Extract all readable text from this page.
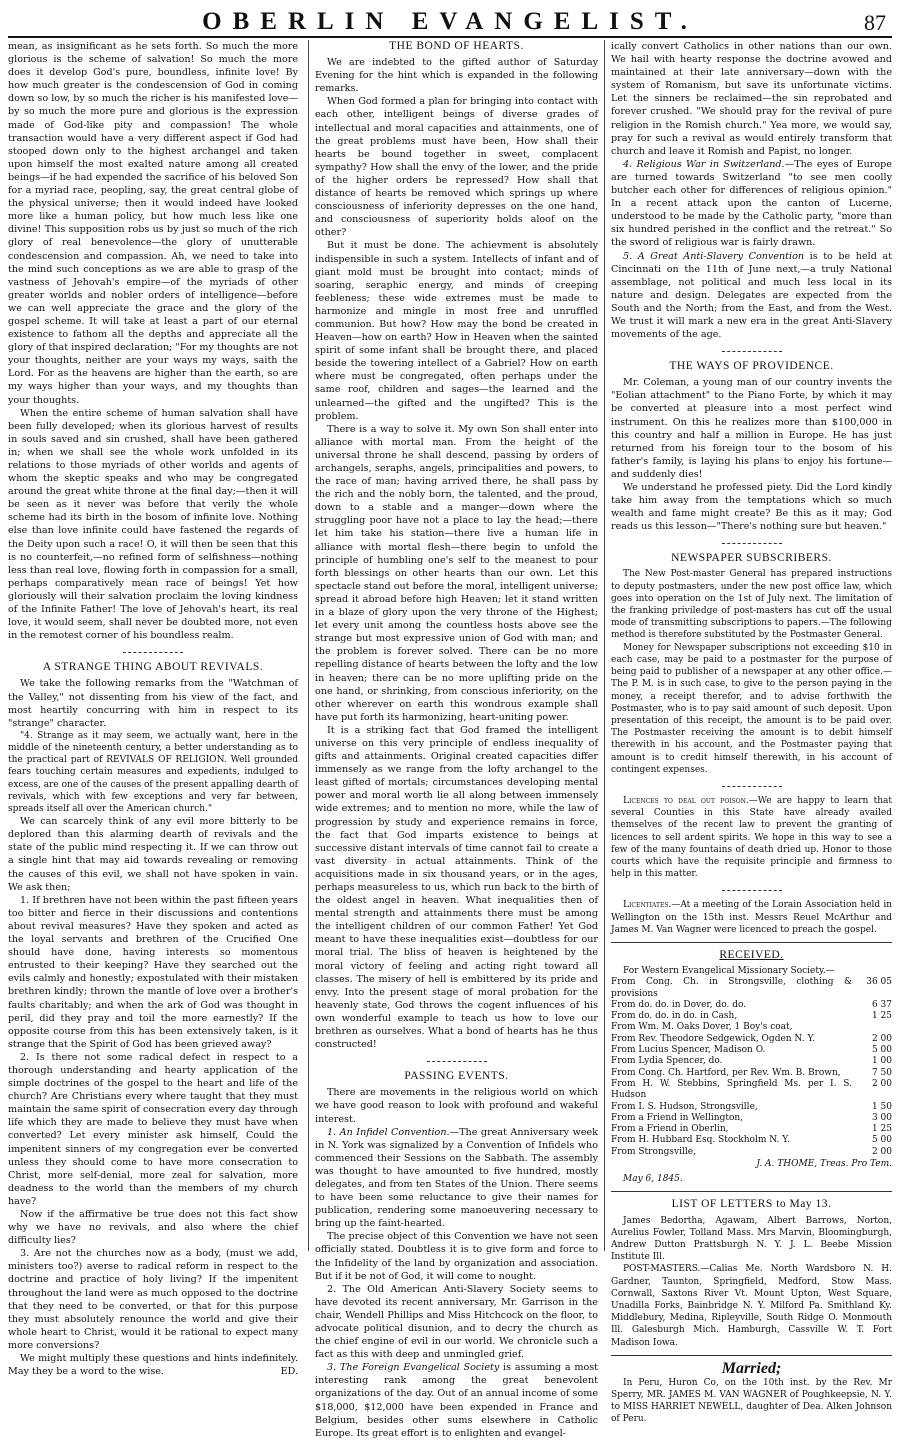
OBERLIN EVANGELIST.	87

mean, as insignificant as he sets forth. So much the more glorious is the scheme of salvation! So much the more does it develop God's pure, boundless, infinite love! By how much greater is the condescension of God in coming down so low, by so much the richer is his manifested love—by so much the more pure and glorious is the expression made of God-like pity and compassion! The whole transaction would have a very different aspect if God had stooped down only to the highest archangel and taken upon himself the most exalted nature among all created beings—if he had expended the sacrifice of his beloved Son for a myriad race, peopling, say, the great central globe of the physical universe; then it would indeed have looked more like a human policy, but how much less like one divine! This supposition robs us by just so much of the rich glory of real benevolence—the glory of unutterable condescension and compassion. Ah, we need to take into the mind such conceptions as we are able to grasp of the vastness of Jehovah's empire—of the myriads of other greater worlds and nobler orders of intelligence—before we can well appreciate the grace and the glory of the gospel scheme. It will take at least a part of our eternal existence to fathom all the depths and appreciate all the glory of that inspired declaration; "For my thoughts are not your thoughts, neither are your ways my ways, saith the Lord. For as the heavens are higher than the earth, so are my ways higher than your ways, and my thoughts than your thoughts.

When the entire scheme of human salvation shall have been fully developed; when its glorious harvest of results in souls saved and sin crushed, shall have been gathered in; when we shall see the whole work unfolded in its relations to those myriads of other worlds and agents of whom the skeptic speaks and who may be congregated around the great white throne at the final day;—then it will be seen as it never was before that verily the whole scheme had its birth in the bosom of infinite love. Nothing else than love infinite could have fastened the regards of the Deity upon such a race! O, it will then be seen that this is no counterfeit,—no refined form of selfishness—nothing less than real love, flowing forth in compassion for a small, perhaps comparatively mean race of beings! Yet how gloriously will their salvation proclaim the loving kindness of the Infinite Father! The love of Jehovah's heart, its real love, it would seem, shall never be doubted more, not even in the remotest corner of his boundless realm.

A STRANGE THING ABOUT REVIVALS.

We take the following remarks from the "Watchman of the Valley," not dissenting from his view of the fact, and most heartily concurring with him in respect to its "strange" character.

"4. Strange as it may seem, we actually want, here in the middle of the nineteenth century, a better understanding as to the practical part of REVIVALS OF RELIGION. Well grounded fears touching certain measures and expedients, indulged to excess, are one of the causes of the present appalling dearth of revivals, which with few exceptions and very far between, spreads itself all over the American church."

We can scarcely think of any evil more bitterly to be deplored than this alarming dearth of revivals and the state of the public mind respecting it. If we can throw out a single hint that may aid towards revealing or removing the causes of this evil, we shall not have spoken in vain. We ask then;

1. If brethren have not been within the past fifteen years too bitter and fierce in their discussions and contentions about revival measures? Have they spoken and acted as the loyal servants and brethren of the Crucified One should have done, having interests so momentous entrusted to their keeping? Have they searched out the evils calmly and honestly; expostulated with their mistaken brethren kindly; thrown the mantle of love over a brother's faults charitably; and when the ark of God was thought in peril, did they pray and toil the more earnestly? If the opposite course from this has been extensively taken, is it strange that the Spirit of God has been grieved away?

2. Is there not some radical defect in respect to a thorough understanding and hearty application of the simple doctrines of the gospel to the heart and life of the church? Are Christians every where taught that they must maintain the same spirit of consecration every day through life which they are made to believe they must have when converted? Let every minister ask himself, Could the impenitent sinners of my congregation ever be converted unless they should come to have more consecration to Christ, more self-denial, more zeal for salvation, more deadness to the world than the members of my church have?

Now if the affirmative be true does not this fact show why we have no revivals, and also where the chief difficulty lies?

3. Are not the churches now as a body, (must we add, ministers too?) averse to radical reform in respect to the doctrine and practice of holy living? If the impenitent throughout the land were as much opposed to the doctrine that they need to be converted, or that for this purpose they must absolutely renounce the world and give their whole heart to Christ, would it be rational to expect many more conversions?

We might multiply these questions and hints indefinitely. May they be a word to the wise.	ED.

THE BOND OF HEARTS.

We are indebted to the gifted author of Saturday Evening for the hint which is expanded in the following remarks.

When God formed a plan for bringing into contact with each other, intelligent beings of diverse grades of intellectual and moral capacities and attainments, one of the great problems must have been, How shall their hearts be bound together in sweet, complacent sympathy? How shall the envy of the lower, and the pride of the higher orders be repressed? How shall that distance of hearts be removed which springs up where consciousness of inferiority depresses on the one hand, and consciousness of superiority holds aloof on the other?

But it must be done. The achievment is absolutely indispensible in such a system. Intellects of infant and of giant mold must be brought into contact; minds of soaring, seraphic energy, and minds of creeping feebleness; these wide extremes must be made to harmonize and mingle in most free and unruffled communion. But how? How may the bond be created in Heaven—how on earth? How in Heaven when the sainted spirit of some infant shall be brought there, and placed beside the towering intellect of a Gabriel? How on earth where must be congregated, often perhaps under the same roof, children and sages—the learned and the unlearned—the gifted and the ungifted? This is the problem.

There is a way to solve it. My own Son shall enter into alliance with mortal man. From the height of the universal throne he shall descend, passing by orders of archangels, seraphs, angels, principalities and powers, to the race of man; having arrived there, he shall pass by the rich and the nobly born, the talented, and the proud, down to a stable and a manger—down where the struggling poor have not a place to lay the head;—there let him take his station—there live a human life in alliance with mortal flesh—there begin to unfold the principle of humbling one's self to the meanest to pour forth blessings on other hearts than our own. Let this spectacle stand out before the moral, intelligent universe; spread it abroad before high Heaven; let it stand written in a blaze of glory upon the very throne of the Highest; let every unit among the countless hosts above see the strange but most expressive union of God with man; and the problem is forever solved. There can be no more repelling distance of hearts between the lofty and the low in heaven; there can be no more uplifting pride on the one hand, or shrinking, from conscious inferiority, on the other wherever on earth this wondrous example shall have put forth its harmonizing, heart-uniting power.

It is a striking fact that God framed the intelligent universe on this very principle of endless inequality of gifts and attainments. Original created capacities differ immensely as we range from the lofty archangel to the least gifted of mortals; circumstances developing mental power and moral worth lie all along between immensely wide extremes; and to mention no more, while the law of progression by study and experience remains in force, the fact that God imparts existence to beings at successive distant intervals of time cannot fail to create a vast diversity in actual attainments. Think of the acquisitions made in six thousand years, or in the ages, perhaps measureless to us, which run back to the birth of the oldest angel in heaven. What inequalities then of mental strength and attainments there must be among the intelligent children of our common Father! Yet God meant to have these inequalities exist—doubtless for our moral trial. The bliss of heaven is heightened by the moral victory of feeling and acting right toward all classes. The misery of hell is embittered by its pride and envy. Into the present stage of moral probation for the heavenly state, God throws the cogent influences of his own wonderful example to teach us how to love our brethren as ourselves. What a bond of hearts has he thus constructed!

PASSING EVENTS.

There are movements in the religious world on which we have good reason to look with profound and wakeful interest.

1. An Infidel Convention.—The great Anniversary week in N. York was signalized by a Convention of Infidels who commenced their Sessions on the Sabbath. The assembly was thought to have amounted to five hundred, mostly delegates, and from ten States of the Union. There seems to have been some reluctance to give their names for publication, rendering some manoeuvering necessary to bring up the faint-hearted.

The precise object of this Convention we have not seen officially stated. Doubtless it is to give form and force to the Infidelity of the land by organization and association. But if it be not of God, it will come to nought.

2. The Old American Anti-Slavery Society seems to have devoted its recent anniversary, Mr. Garrison in the chair, Wendell Phillips and Miss Hitchcock on the floor, to advocate political disunion, and to decry the church as the chief engine of evil in our world. We chronicle such a fact as this with deep and unmingled grief.

3. The Foreign Evangelical Society is assuming a most interesting rank among the great benevolent organizations of the day. Out of an annual income of some $18,000, $12,000 have been expended in France and Belgium, besides other sums elsewhere in Catholic Europe. Its great effort is to enlighten and evangel-

ically convert Catholics in other nations than our own. We hail with hearty response the doctrine avowed and maintained at their late anniversary—down with the system of Romanism, but save its unfortunate victims. Let the sinners be reclaimed—the sin reprobated and forever crushed. "We should pray for the revival of pure religion in the Romish church." Yea more, we would say, pray for such a revival as would entirely transform that church and leave it Romish and Papist, no longer.

4. Religious War in Switzerland.—The eyes of Europe are turned towards Switzerland "to see men coolly butcher each other for differences of religious opinion." In a recent attack upon the canton of Lucerne, understood to be made by the Catholic party, "more than six hundred perished in the conflict and the retreat." So the sword of religious war is fairly drawn.

5. A Great Anti-Slavery Convention is to be held at Cincinnati on the 11th of June next,—a truly National assemblage, not political and much less local in its nature and design. Delegates are expected from the South and the North; from the East, and from the West. We trust it will mark a new era in the great Anti-Slavery movements of the age.

THE WAYS OF PROVIDENCE.

Mr. Coleman, a young man of our country invents the "Eolian attachment" to the Piano Forte, by which it may be converted at pleasure into a most perfect wind instrument. On this he realizes more than $100,000 in this country and half a million in Europe. He has just returned from his foreign tour to the bosom of his father's family, is laying his plans to enjoy his fortune—and suddenly dies!

We understand he professed piety. Did the Lord kindly take him away from the temptations which so much wealth and fame might create? Be this as it may; God reads us this lesson—"There's nothing sure but heaven."

NEWSPAPER SUBSCRIBERS.

The New Post-master General has prepared instructions to deputy postmasters, under the new post office law, which goes into operation on the 1st of July next. The limitation of the franking priviledge of post-masters has cut off the usual mode of transmitting subscriptions to papers.—The following method is therefore substituted by the Postmaster General.

Money for Newspaper subscriptions not exceeding $10 in each case, may be paid to a postmaster for the purpose of being paid to publisher of a newspaper at any other office.—The P. M. is in such case, to give to the person paying in the money, a receipt therefor, and to advise forthwith the Postmaster, who is to pay said amount of such deposit. Upon presentation of this receipt, the amount is to be paid over. The Postmaster receiving the amount is to debit himself therewith in his account, and the Postmaster paying that amount is to credit himself therewith, in his account of contingent expenses.

Licences to deal out poison.—We are happy to learn that several Counties in this State have already availed themselves of the recent law to prevent the granting of licences to sell ardent spirits. We hope in this way to see a few of the many fountains of death dried up. Honor to those courts which have the requisite principle and firmness to help in this matter.

Licentiates.—At a meeting of the Lorain Association held in Wellington on the 15th inst. Messrs Reuel McArthur and James M. Van Wagner were licenced to preach the gospel.

RECEIVED.

For Western Evangelical Missionary Society.—

From Cong. Ch. in Strongsville, clothing & provisions	36 05
From do. do. in Dover, do. do.	6 37
From do. do. in do. in Cash,	1 25
From Wm. M. Oaks Dover, 1 Boy's coat,	
From Rev. Theodore Sedgewick, Ogden N. Y.	2 00
From Lucius Spencer, Madison O.	5 00
From Lydia Spencer, do.	1 00
From Cong. Ch. Hartford, per Rev. Wm. B. Brown,	7 50
From H. W. Stebbins, Springfield Ms. per I. S. Hudson	2 00
From I. S. Hudson, Strongsville,	1 50
From a Friend in Wellington,	3 00
From a Friend in Oberlin,	1 25
From H. Hubbard Esq. Stockholm N. Y.	5 00
From Strongsville,	2 00
J. A. THOME, Treas. Pro Tem.

May 6, 1845.

LIST OF LETTERS to May 13.

James Bedortha, Agawam, Albert Barrows, Norton, Aurelius Fowler, Tolland Mass. Mrs Marvin, Bloomingburgh, Andrew Dutton Prattsburgh N. Y. J. L. Beebe Mission Institute Ill.

POST-MASTERS.—Calias Me. North Wardsboro N. H. Gardner, Taunton, Springfield, Medford, Stow Mass. Cornwall, Saxtons River Vt. Mount Upton, West Square, Unadilla Forks, Bainbridge N. Y. Milford Pa. Smithland Ky. Middlebury, Medina, Ripleyville, South Ridge O. Monmouth Ill. Galesburgh Mich. Hamburgh, Cassville W. T. Fort Madison Iowa.

Married;

In Peru, Huron Co, on the 10th inst. by the Rev. Mr Sperry, MR. JAMES M. VAN WAGNER of Poughkeepsie, N. Y. to MISS HARRIET NEWELL, daughter of Dea. Alken Johnson of Peru.
